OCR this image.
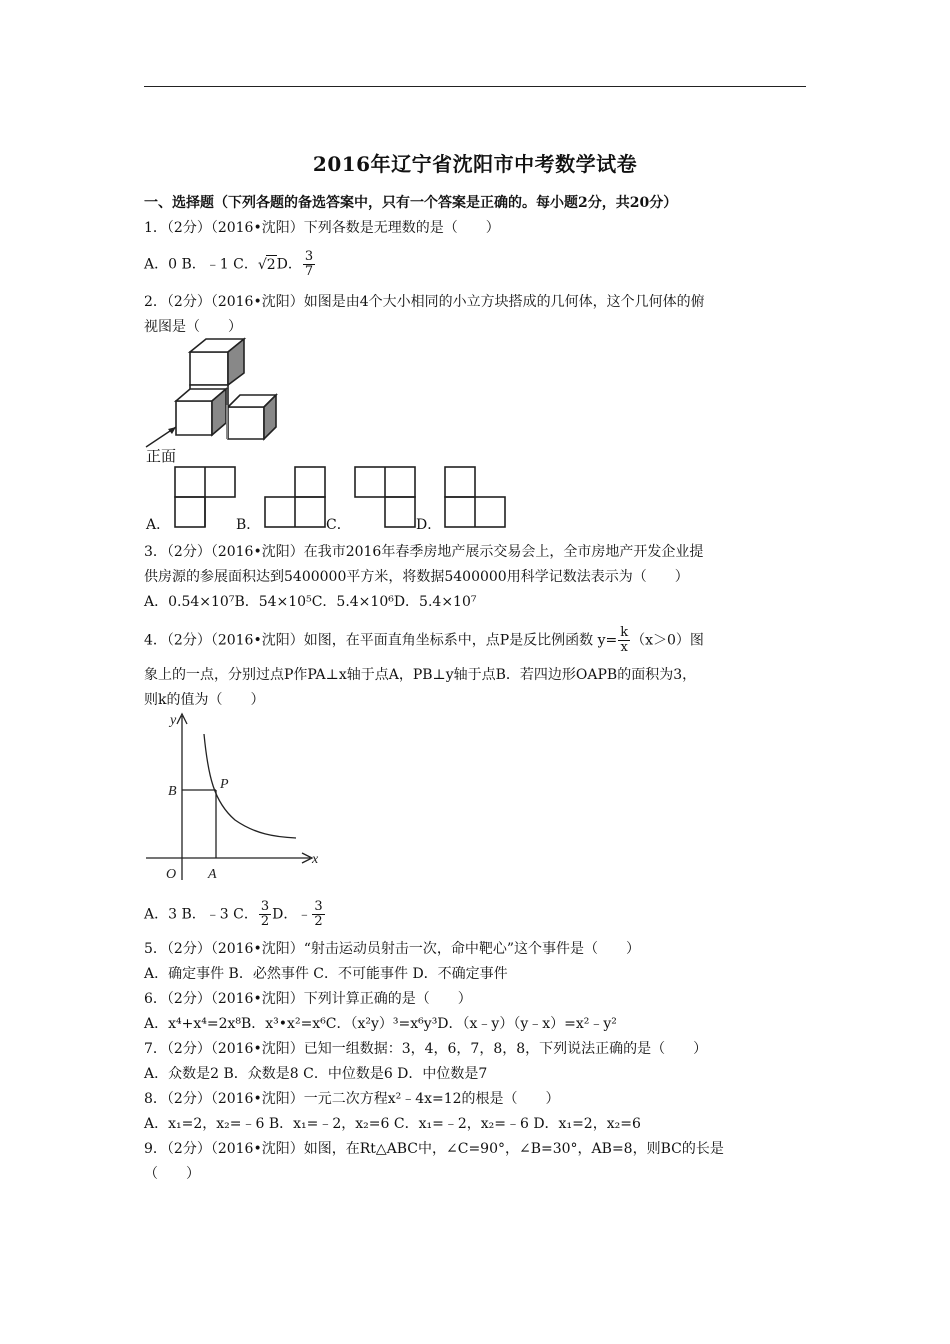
2016年辽宁省沈阳市中考数学试卷
一、选择题（下列各题的备选答案中，只有一个答案是正确的。每小题2分，共20分）
1．（2分）（2016•沈阳）下列各数是无理数的是（　　）
A．0 B．﹣1 C．√2D． $\frac{3}{7}$
2．（2分）（2016•沈阳）如图是由4个大小相同的小立方块搭成的几何体，这个几何体的俯
视图是（　　）
正面
A．	B．	C．	D．
3．（2分）（2016•沈阳）在我市2016年春季房地产展示交易会上，全市房地产开发企业提
供房源的参展面积达到5400000平方米，将数据5400000用科学记数法表示为（　　）
A．0.54×10⁷B．54×10⁵C．5.4×10⁶D．5.4×10⁷
4．（2分）（2016•沈阳）如图，在平面直角坐标系中，点P是反比例函数 $y= \frac{k}{x} (x>0)$图
象上的一点，分别过点P作PA⊥x轴于点A，PB⊥y轴于点B．若四边形OAPB的面积为3，
则k的值为（　　）
y
x
O A
B	P
A．3 B．﹣3 C． $\frac{3}{2}$ D．﹣ $\frac{3}{2}$
5．（2分）（2016•沈阳）“射击运动员射击一次，命中靶心”这个事件是（　　）
A．确定事件 B．必然事件 C．不可能事件 D．不确定事件
6．（2分）（2016•沈阳）下列计算正确的是（　　）
A．x⁴+x⁴=2x⁸B．x³•x²=x⁶C．（x²y）³=x⁶y³D．（x﹣y）（y﹣x）=x²﹣y²
7．（2分）（2016•沈阳）已知一组数据：3，4，6，7，8，8，下列说法正确的是（　　）
A．众数是2 B．众数是8 C．中位数是6 D．中位数是7
8．（2分）（2016•沈阳）一元二次方程x²﹣4x=12的根是（　　）
A．x₁=2，x₂=﹣6 B．x₁=﹣2，x₂=6 C．x₁=﹣2，x₂=﹣6 D．x₁=2，x₂=6
9．（2分）（2016•沈阳）如图，在Rt△ABC中，∠C=90°，∠B=30°，AB=8，则BC的长是
（　　）
